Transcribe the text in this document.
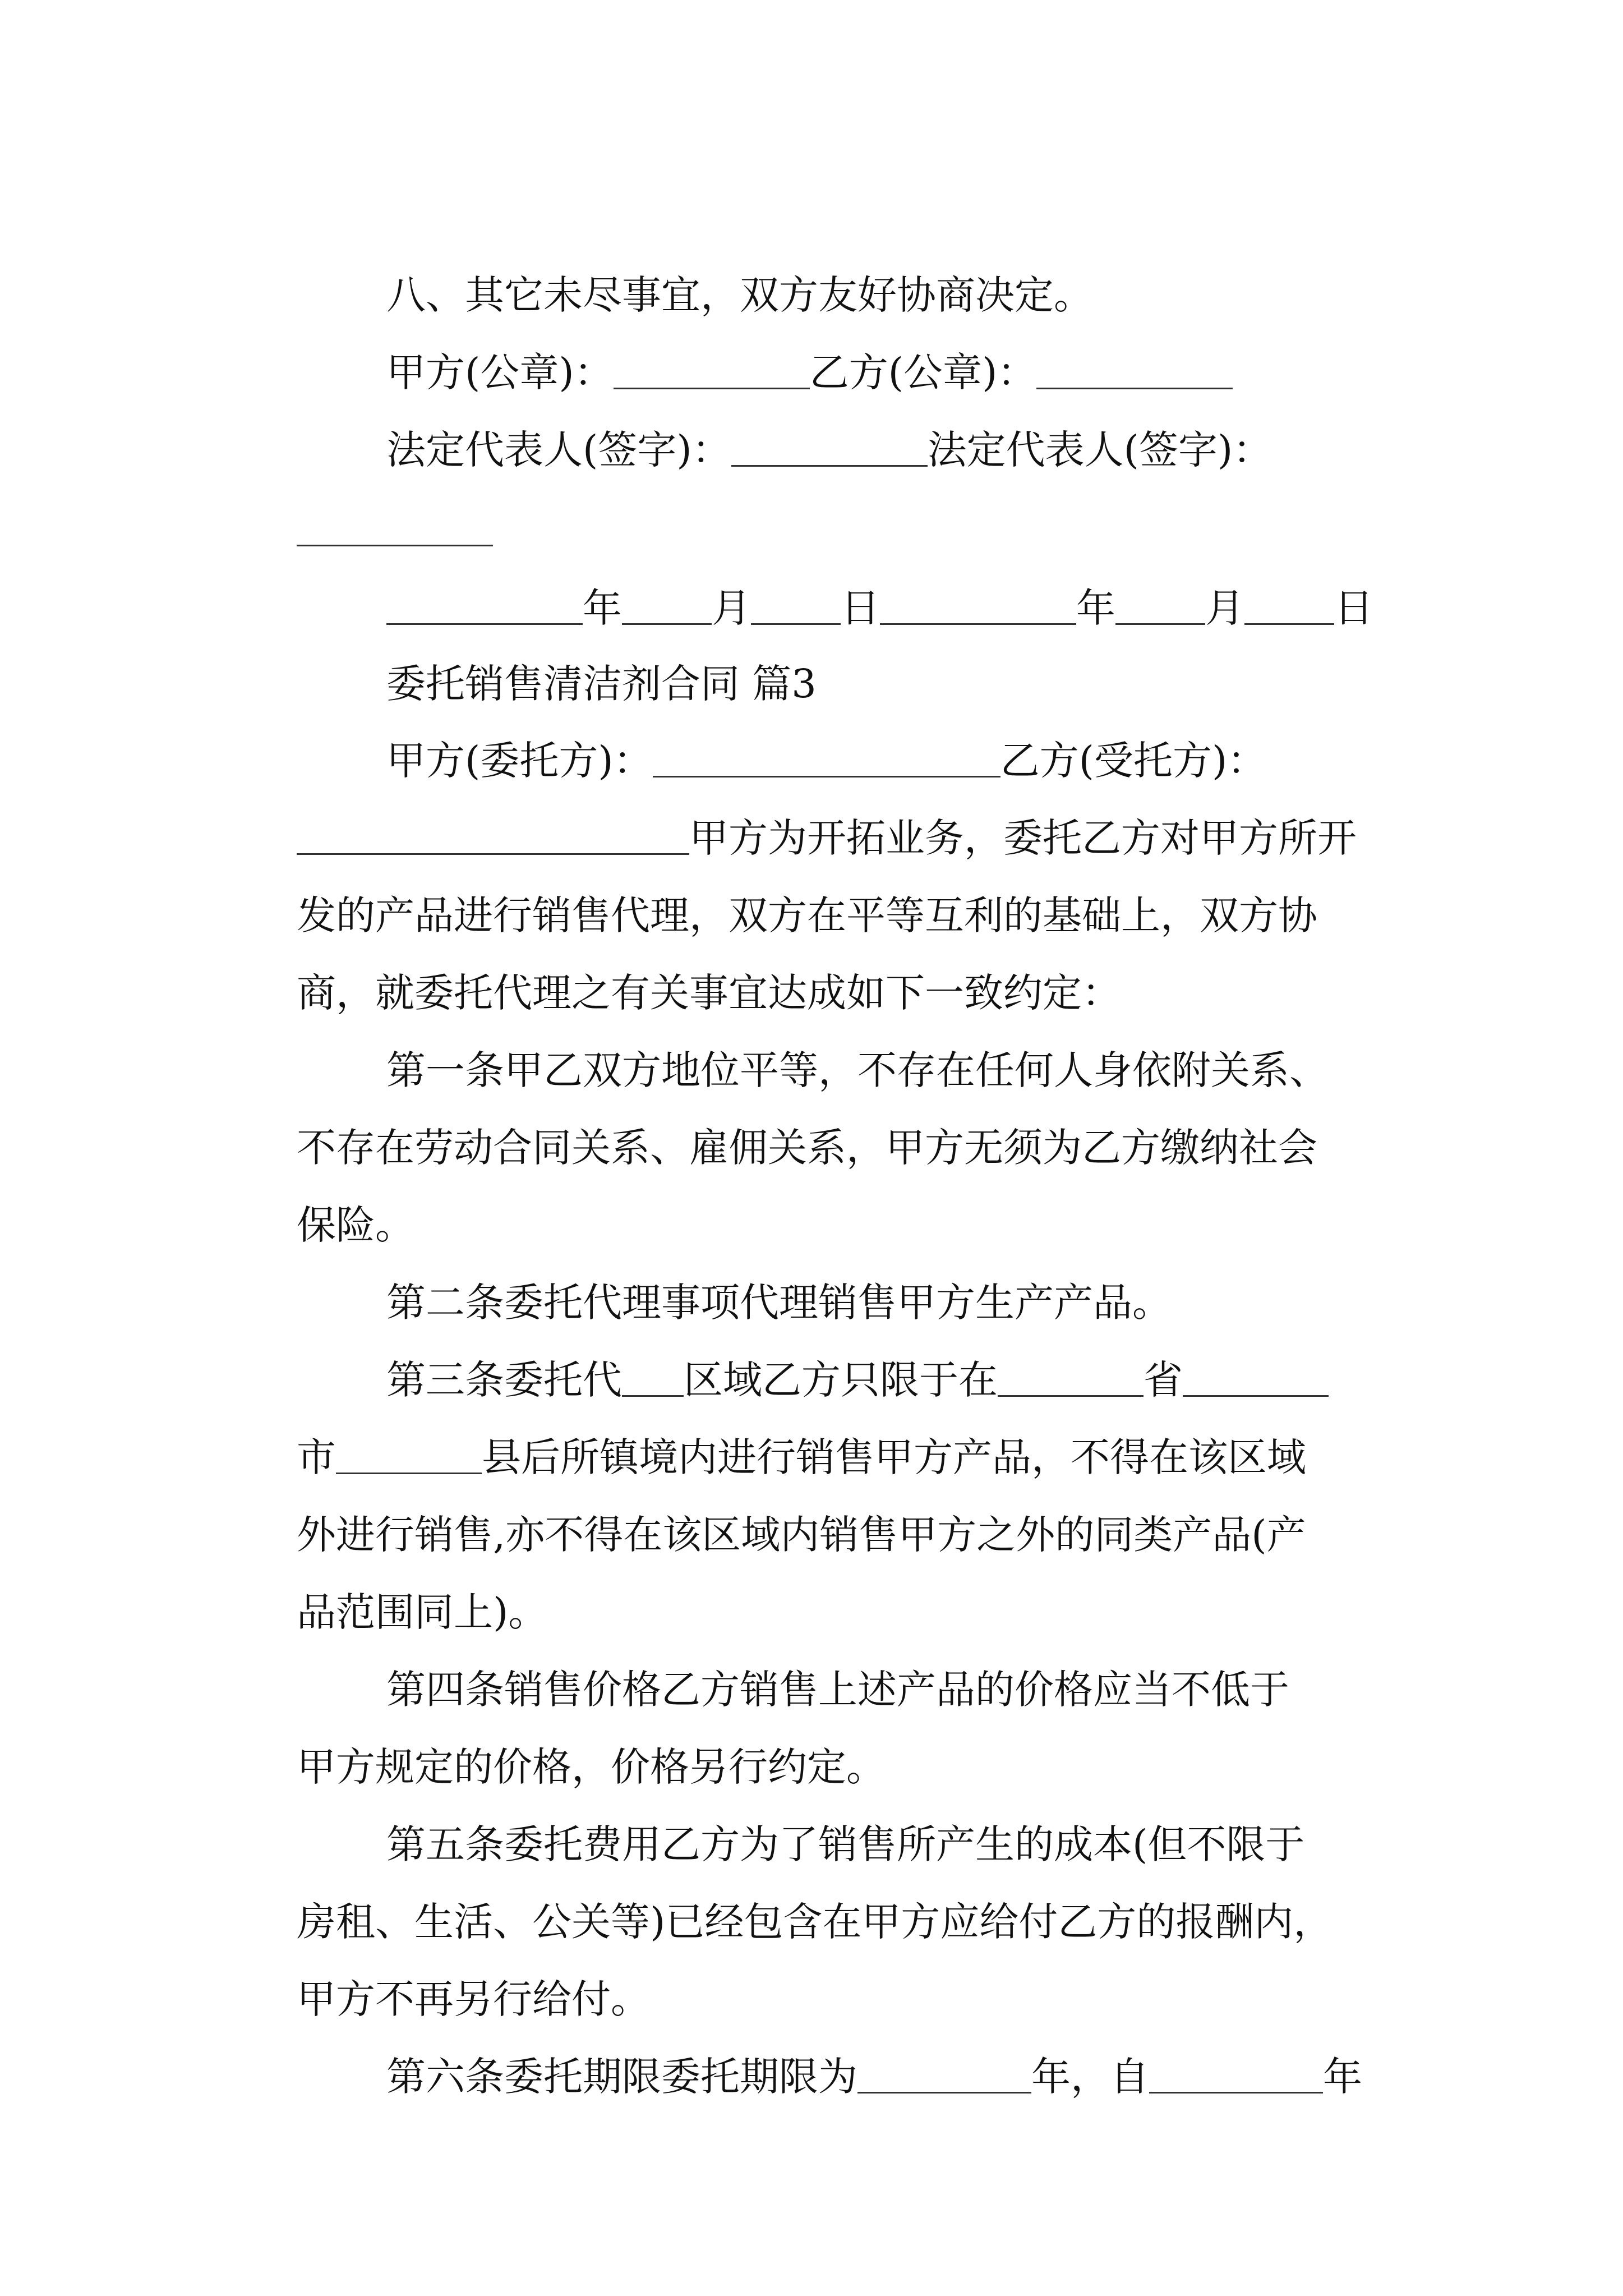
八、其它未尽事宜，双方友好协商决定。

甲方(公章)：	乙方(公章)：

法定代表人(签字)：	法定代表人(签字)：

年 月 日	年 月 日

委托销售清洁剂合同 篇3

甲方(委托方)：	乙方(受托方)：

甲方为开拓业务，委托乙方对甲方所开

发的产品进行销售代理，双方在平等互利的基础上，双方协

商，就委托代理之有关事宜达成如下一致约定：

第一条甲乙双方地位平等，不存在任何人身依附关系、

不存在劳动合同关系、雇佣关系，甲方无须为乙方缴纳社会

保险。

第二条委托代理事项代理销售甲方生产产品。

第三条委托代 区域乙方只限于在	省

市	县后所镇境内进行销售甲方产品，不得在该区域

外进行销售,亦不得在该区域内销售甲方之外的同类产品(产

品范围同上)。

第四条销售价格乙方销售上述产品的价格应当不低于

甲方规定的价格，价格另行约定。

第五条委托费用乙方为了销售所产生的成本(但不限于

房租、生活、公关等)已经包含在甲方应给付乙方的报酬内，

甲方不再另行给付。

第六条委托期限委托期限为	年，自	年
